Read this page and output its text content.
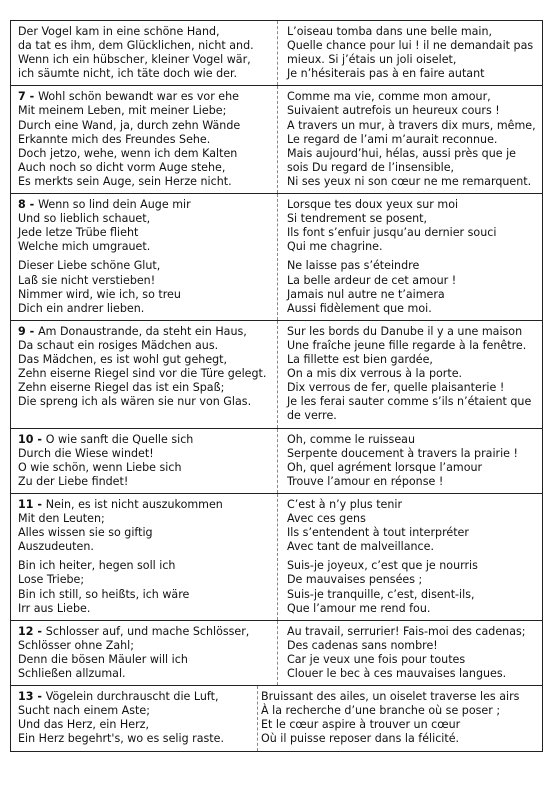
Der Vogel kam in eine schöne Hand,
da tat es ihm, dem Glücklichen, nicht and.
Wenn ich ein hübscher, kleiner Vogel wär,
ich säumte nicht, ich täte doch wie der.
L’oiseau tomba dans une belle main,
Quelle chance pour lui ! il ne demandait pas
mieux. Si j’étais un joli oiselet,
Je n’hésiterais pas à en faire autant
7 - Wohl schön bewandt war es vor ehe
Mit meinem Leben, mit meiner Liebe;
Durch eine Wand, ja, durch zehn Wände
Erkannte mich des Freundes Sehe.
Doch jetzo, wehe, wenn ich dem Kalten
Auch noch so dicht vorm Auge stehe,
Es merkts sein Auge, sein Herze nicht.
Comme ma vie, comme mon amour,
Suivaient autrefois un heureux cours !
A travers un mur, à travers dix murs, même,
Le regard de l’ami m’aurait reconnue.
Mais aujourd’hui, hélas, aussi près que je
sois Du regard de l’insensible,
Ni ses yeux ni son cœur ne me remarquent.
8 - Wenn so lind dein Auge mir
Und so lieblich schauet,
Jede letze Trübe flieht
Welche mich umgrauet.
Dieser Liebe schöne Glut,
Laß sie nicht verstieben!
Nimmer wird, wie ich, so treu
Dich ein andrer lieben.
Lorsque tes doux yeux sur moi
Si tendrement se posent,
Ils font s’enfuir jusqu’au dernier souci
Qui me chagrine.
Ne laisse pas s’éteindre
La belle ardeur de cet amour !
Jamais nul autre ne t’aimera
Aussi fidèlement que moi.
9 - Am Donaustrande, da steht ein Haus,
Da schaut ein rosiges Mädchen aus.
Das Mädchen, es ist wohl gut gehegt,
Zehn eiserne Riegel sind vor die Türe gelegt.
Zehn eiserne Riegel das ist ein Spaß;
Die spreng ich als wären sie nur von Glas.
Sur les bords du Danube il y a une maison
Une fraîche jeune fille regarde à la fenêtre.
La fillette est bien gardée,
On a mis dix verrous à la porte.
Dix verrous de fer, quelle plaisanterie !
Je les ferai sauter comme s’ils n’étaient que
de verre.
10 - O wie sanft die Quelle sich
Durch die Wiese windet!
O wie schön, wenn Liebe sich
Zu der Liebe findet!
Oh, comme le ruisseau
Serpente doucement à travers la prairie !
Oh, quel agrément lorsque l’amour
Trouve l’amour en réponse !
11 - Nein, es ist nicht auszukommen
Mit den Leuten;
Alles wissen sie so giftig
Auszudeuten.
Bin ich heiter, hegen soll ich
Lose Triebe;
Bin ich still, so heißts, ich wäre
Irr aus Liebe.
C’est à n’y plus tenir
Avec ces gens
Ils s’entendent à tout interpréter
Avec tant de malveillance.
Suis-je joyeux, c’est que je nourris
De mauvaises pensées ;
Suis-je tranquille, c’est, disent-ils,
Que l’amour me rend fou.
12 - Schlosser auf, und mache Schlösser,
Schlösser ohne Zahl;
Denn die bösen Mäuler will ich
Schließen allzumal.
Au travail, serrurier! Fais-moi des cadenas;
Des cadenas sans nombre!
Car je veux une fois pour toutes
Clouer le bec à ces mauvaises langues.
13 - Vögelein durchrauscht die Luft,
Sucht nach einem Aste;
Und das Herz, ein Herz,
Ein Herz begehrt's, wo es selig raste.
Bruissant des ailes, un oiselet traverse les airs
À la recherche d’une branche où se poser ;
Et le cœur aspire à trouver un cœur
Où il puisse reposer dans la félicité.
